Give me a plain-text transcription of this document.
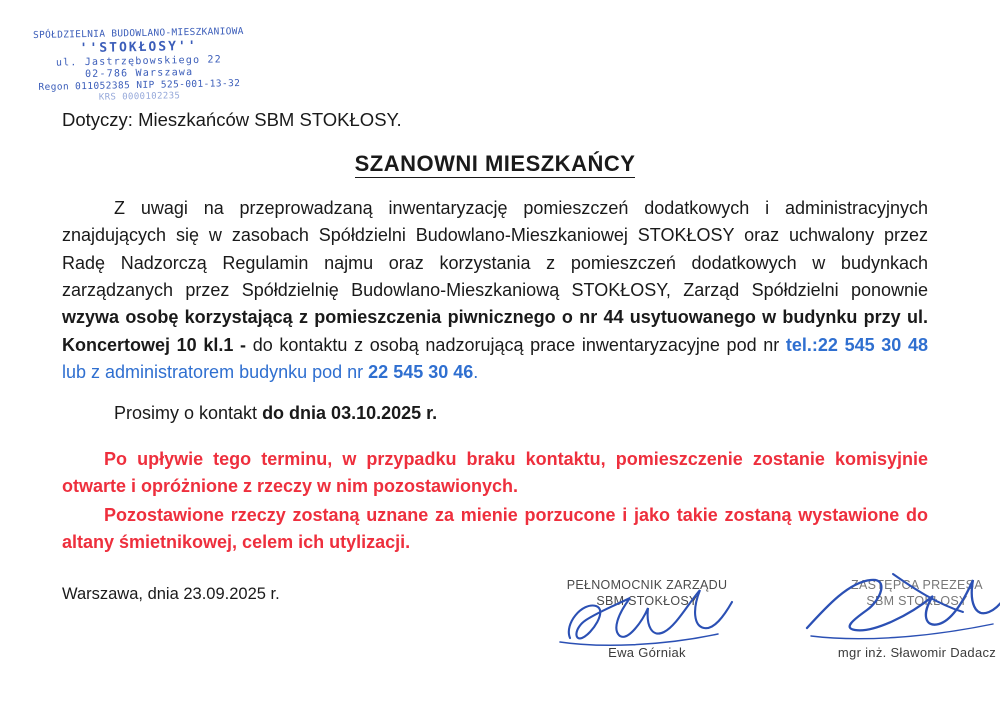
SPÓŁDZIELNIA BUDOWLANO-MIESZKANIOWA
''STOKŁOSY''
ul. Jastrzębowskiego 22
02-786 Warszawa
Regon 011052385 NIP 525-001-13-32
KRS 0000102235

Dotyczy: Mieszkańców SBM STOKŁOSY.

SZANOWNI MIESZKAŃCY

Z uwagi na przeprowadzaną inwentaryzację pomieszczeń dodatkowych i administracyjnych znajdujących się w zasobach Spółdzielni Budowlano-Mieszkaniowej STOKŁOSY oraz uchwalony przez Radę Nadzorczą Regulamin najmu oraz korzystania z pomieszczeń dodatkowych w budynkach zarządzanych przez Spółdzielnię Budowlano-Mieszkaniową STOKŁOSY, Zarząd Spółdzielni ponownie wzywa osobę korzystającą z pomieszczenia piwnicznego o nr 44 usytuowanego w budynku przy ul. Koncertowej 10 kl.1 - do kontaktu z osobą nadzorującą prace inwentaryzacyjne pod nr tel.:22 545 30 48 lub z administratorem budynku pod nr 22 545 30 46.

Prosimy o kontakt do dnia 03.10.2025 r.

Po upływie tego terminu, w przypadku braku kontaktu, pomieszczenie zostanie komisyjnie otwarte i opróżnione z rzeczy w nim pozostawionych.

Pozostawione rzeczy zostaną uznane za mienie porzucone i jako takie zostaną wystawione do altany śmietnikowej, celem ich utylizacji.

Warszawa, dnia 23.09.2025 r.	PEŁNOMOCNIK ZARZĄDU
SBM STOKŁOSY
Ewa Górniak
ZASTĘPCA PREZESA
SBM STOKŁOSY
mgr inż. Sławomir Dadacz
